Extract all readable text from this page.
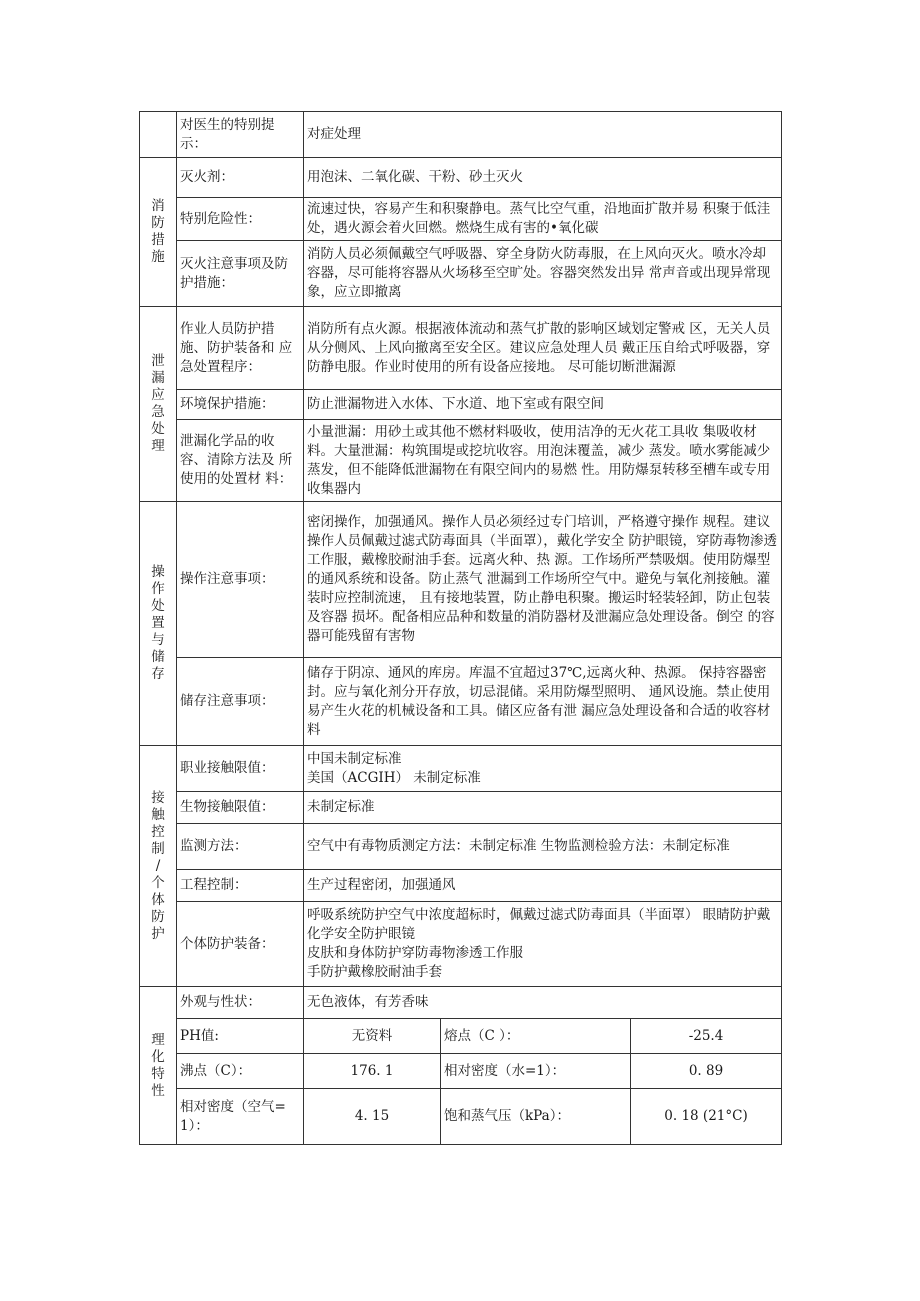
	对医生的特别提示：	对症处理		

消防措施	灭火剂：	用泡沫、二氧化碳、干粉、砂土灭火		
	特别危险性：	流速过快，容易产生和积聚静电。蒸气比空气重，沿地面扩散并易 积聚于低洼处，遇火源会着火回燃。燃烧生成有害的•氧化碳		
	灭火注意事项及防护措施：	消防人员必须佩戴空气呼吸器、穿全身防火防毒服，在上风向灭火。喷水冷却容器，尽可能将容器从火场移至空旷处。容器突然发出异 常声音或出现异常现象，应立即撤离		

泄漏应急处理	作业人员防护措施、防护装备和 应急处置程序：	消防所有点火源。根据液体流动和蒸气扩散的影响区域划定警戒 区，无关人员从分侧风、上风向撤离至安全区。建议应急处理人员 戴正压自给式呼吸器，穿防静电服。作业时使用的所有设备应接地。 尽可能切断泄漏源		
	环境保护措施：	防止泄漏物进入水体、下水道、地下室或有限空间		
	泄漏化学品的收容、清除方法及 所使用的处置材 料：	小量泄漏：用砂土或其他不燃材料吸收，使用洁净的无火花工具收 集吸收材料。大量泄漏：构筑围堤或挖坑收容。用泡沫覆盖，减少 蒸发。喷水雾能减少蒸发，但不能降低泄漏物在有限空间内的易燃 性。用防爆泵转移至槽车或专用收集器内		

操作处置与储存	操作注意事项：	密闭操作，加强通风。操作人员必须经过专门培训，严格遵守操作 规程。建议操作人员佩戴过滤式防毒面具（半面罩），戴化学安全 防护眼镜，穿防毒物渗透工作服，戴橡胶耐油手套。远离火种、热 源。工作场所严禁吸烟。使用防爆型的通风系统和设备。防止蒸气 泄漏到工作场所空气中。避免与氧化剂接触。灌装时应控制流速， 且有接地装置，防止静电积聚。搬运时轻装轻卸，防止包装及容器 损坏。配备相应品种和数量的消防器材及泄漏应急处理设备。倒空 的容器可能残留有害物		
	储存注意事项：	储存于阴凉、通风的库房。库温不宜超过37℃,远离火种、热源。 保持容器密封。应与氧化剂分开存放，切忌混储。采用防爆型照明、 通风设施。禁止使用易产生火花的机械设备和工具。储区应备有泄 漏应急处理设备和合适的收容材料		

接触控制/个体防护	职业接触限值：	中国未制定标准
美国（ACGIH） 未制定标准		

	生物接触限值：	未制定标准		
	监测方法：	空气中有毒物质测定方法：未制定标准 生物监测检验方法：未制定标准		
	工程控制：	生产过程密闭，加强通风		
	个体防护装备：	呼吸系统防护空气中浓度超标时，佩戴过滤式防毒面具（半面罩） 眼睛防护戴化学安全防护眼镜
皮肤和身体防护穿防毒物渗透工作服
手防护戴橡胶耐油手套		

理化特性	外观与性状：	无色液体，有芳香味		
	PH值:	无资料	熔点（C ）：	-25.4
	沸点（C）：	176. 1	相对密度（水=1）：	0. 89
	相对密度（空气=1）：	4. 15	饱和蒸气压（kPa）：	0. 18 (21°C)
